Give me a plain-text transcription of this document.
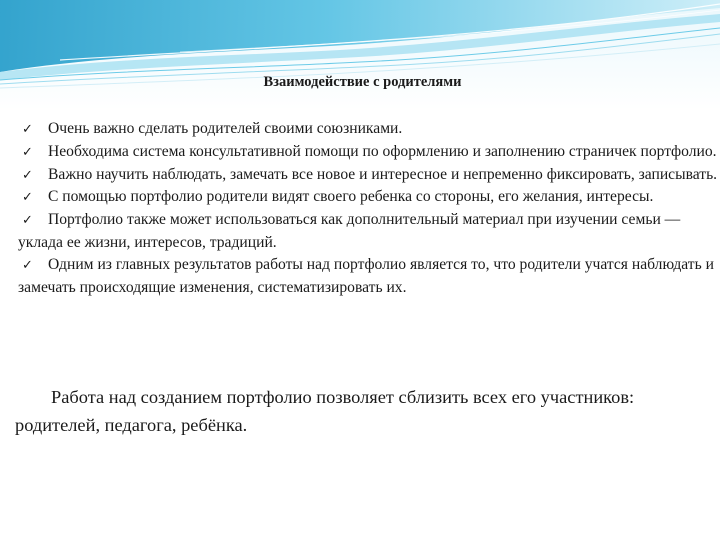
Взаимодействие с родителями
✓ Очень важно сделать родителей своими союзниками.
✓ Необходима система консультативной помощи по оформлению и заполнению страничек портфолио.
✓ Важно научить наблюдать, замечать все новое и интересное и непременно фиксировать, записывать.
✓ С помощью портфолио родители видят своего ребенка со стороны, его желания, интересы.
✓ Портфолио также может использоваться как дополнительный материал при изучении семьи — уклада ее жизни, интересов, традиций.
✓ Одним из главных результатов работы над портфолио является то, что родители учатся наблюдать и замечать происходящие изменения, систематизировать их.

Работа над созданием портфолио позволяет сблизить всех его участников: родителей, педагога, ребёнка.
